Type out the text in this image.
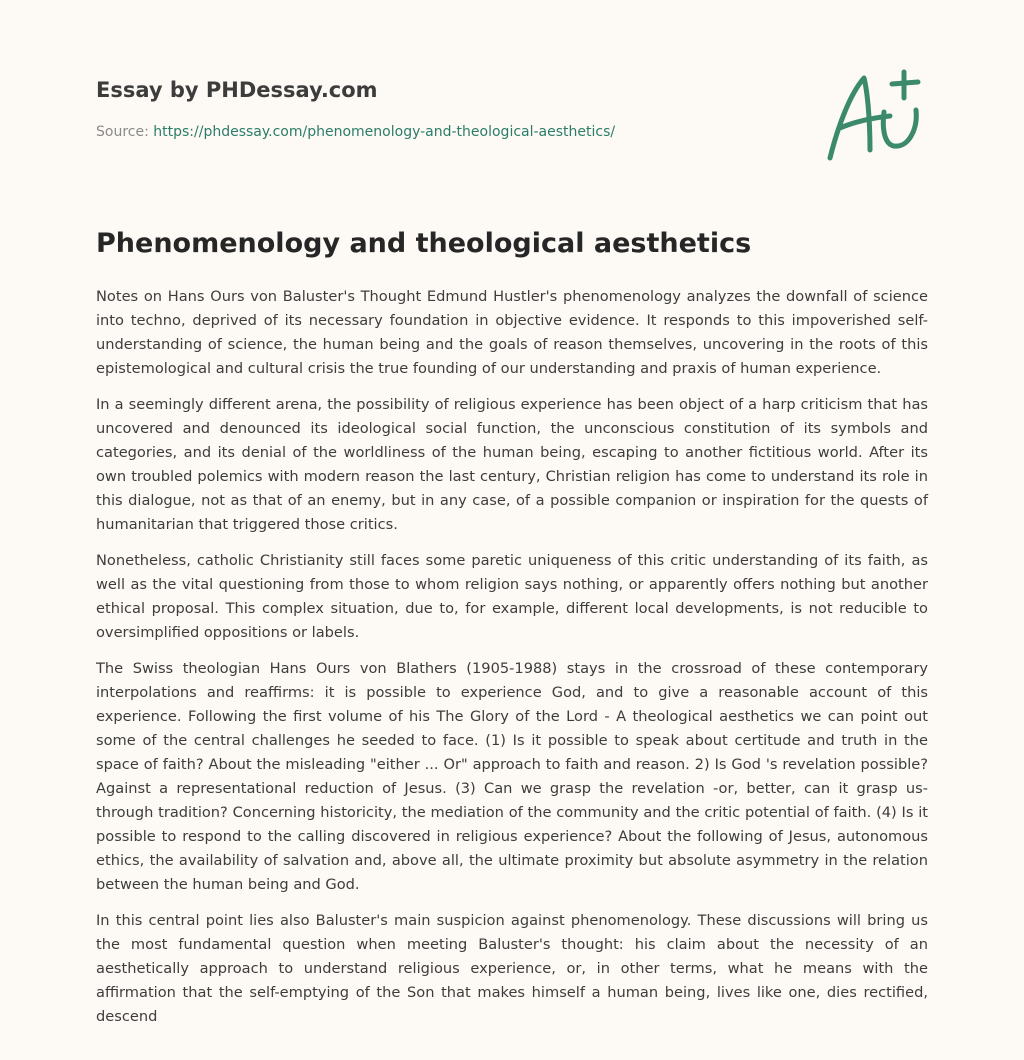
Essay by PHDessay.com
Source: https://phdessay.com/phenomenology-and-theological-aesthetics/
Phenomenology and theological aesthetics

Notes on Hans Ours von Baluster's Thought Edmund Hustler's phenomenology analyzes the downfall of science into techno, deprived of its necessary foundation in objective evidence. It responds to this impoverished self-understanding of science, the human being and the goals of reason themselves, uncovering in the roots of this epistemological and cultural crisis the true founding of our understanding and praxis of human experience.

In a seemingly different arena, the possibility of religious experience has been object of a harp criticism that has uncovered and denounced its ideological social function, the unconscious constitution of its symbols and categories, and its denial of the worldliness of the human being, escaping to another fictitious world. After its own troubled polemics with modern reason the last century, Christian religion has come to understand its role in this dialogue, not as that of an enemy, but in any case, of a possible companion or inspiration for the quests of humanitarian that triggered those critics.

Nonetheless, catholic Christianity still faces some paretic uniqueness of this critic understanding of its faith, as well as the vital questioning from those to whom religion says nothing, or apparently offers nothing but another ethical proposal. This complex situation, due to, for example, different local developments, is not reducible to oversimplified oppositions or labels.

The Swiss theologian Hans Ours von Blathers (1905-1988) stays in the crossroad of these contemporary interpolations and reaffirms: it is possible to experience God, and to give a reasonable account of this experience. Following the first volume of his The Glory of the Lord - A theological aesthetics we can point out some of the central challenges he seeded to face. (1) Is it possible to speak about certitude and truth in the space of faith? About the misleading "either ... Or" approach to faith and reason. 2) Is God 's revelation possible? Against a representational reduction of Jesus. (3) Can we grasp the revelation -or, better, can it grasp us- through tradition? Concerning historicity, the mediation of the community and the critic potential of faith. (4) Is it possible to respond to the calling discovered in religious experience? About the following of Jesus, autonomous ethics, the availability of salvation and, above all, the ultimate proximity but absolute asymmetry in the relation between the human being and God.

In this central point lies also Baluster's main suspicion against phenomenology. These discussions will bring us the most fundamental question when meeting Baluster's thought: his claim about the necessity of an aesthetically approach to understand religious experience, or, in other terms, what he means with the affirmation that the self-emptying of the Son that makes himself a human being, lives like one, dies rectified, descend
